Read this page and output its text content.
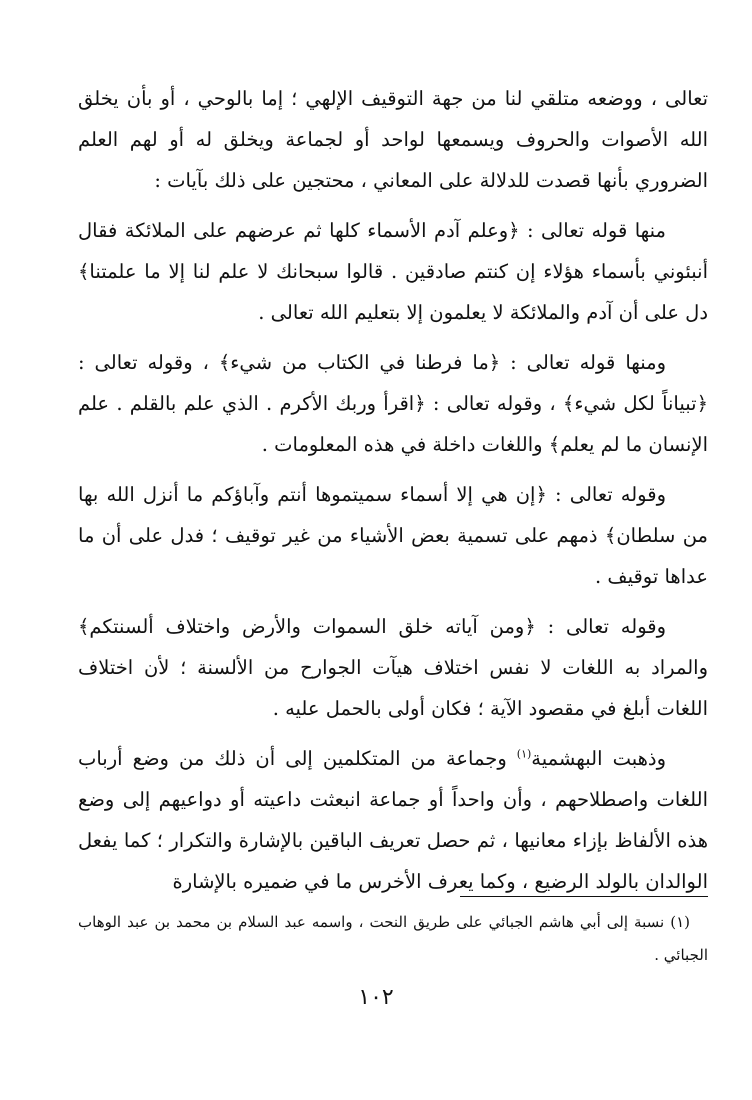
تعالى ، ووضعه متلقي لنا من جهة التوقيف الإلهي ؛ إما بالوحي ، أو بأن يخلق الله الأصوات والحروف ويسمعها لواحد أو لجماعة ويخلق له أو لهم العلم الضروري بأنها قصدت للدلالة على المعاني ، محتجين على ذلك بآيات :

منها قوله تعالى : ﴿وعلم آدم الأسماء كلها ثم عرضهم على الملائكة فقال أنبئوني بأسماء هؤلاء إن كنتم صادقين . قالوا سبحانك لا علم لنا إلا ما علمتنا﴾ دل على أن آدم والملائكة لا يعلمون إلا بتعليم الله تعالى .

ومنها قوله تعالى : ﴿ما فرطنا في الكتاب من شيء﴾ ، وقوله تعالى : ﴿تبياناً لكل شيء﴾ ، وقوله تعالى : ﴿اقرأ وربك الأكرم . الذي علم بالقلم . علم الإنسان ما لم يعلم﴾ واللغات داخلة في هذه المعلومات .

وقوله تعالى : ﴿إن هي إلا أسماء سميتموها أنتم وآباؤكم ما أنزل الله بها من سلطان﴾ ذمهم على تسمية بعض الأشياء من غير توقيف ؛ فدل على أن ما عداها توقيف .

وقوله تعالى : ﴿ومن آياته خلق السموات والأرض واختلاف ألسنتكم﴾ والمراد به اللغات لا نفس اختلاف هيآت الجوارح من الألسنة ؛ لأن اختلاف اللغات أبلغ في مقصود الآية ؛ فكان أولى بالحمل عليه .

وذهبت البهشمية$^{(١)}$ وجماعة من المتكلمين إلى أن ذلك من وضع أرباب اللغات واصطلاحهم ، وأن واحداً أو جماعة انبعثت داعيته أو دواعيهم إلى وضع هذه الألفاظ بإزاء معانيها ، ثم حصل تعريف الباقين بالإشارة والتكرار ؛ كما يفعل الوالدان بالولد الرضيع ، وكما يعرف الأخرس ما في ضميره بالإشارة

(١) نسبة إلى أبي هاشم الجبائي على طريق النحت ، واسمه عبد السلام بن محمد بن عبد الوهاب الجبائي .
١٠٢
